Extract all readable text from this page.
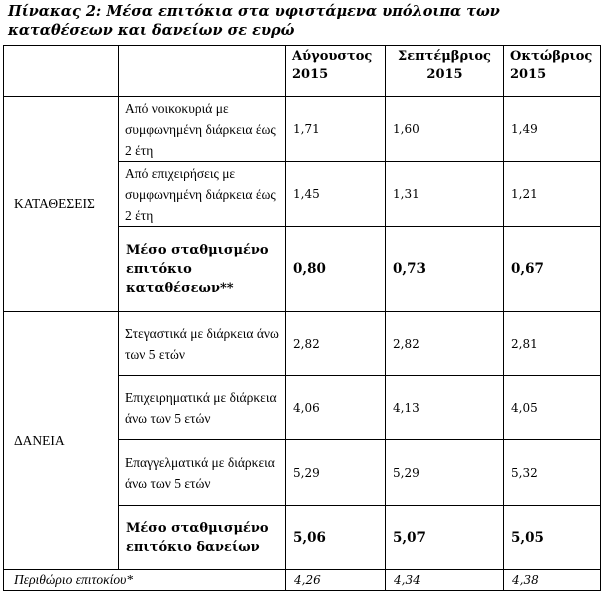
Πίνακας 2: Μέσα επιτόκια στα υφιστάμενα υπόλοιπα των καταθέσεων και δανείων σε ευρώ
		Αύγουστος 2015	Σεπτέμβριος 2015	Οκτώβριος 2015
ΚΑΤΑΘΕΣΕΙΣ	Από νοικοκυριά με συμφωνημένη διάρκεια έως 2 έτη	1,71	1,60	1,49
	Από επιχειρήσεις με συμφωνημένη διάρκεια έως 2 έτη	1,45	1,31	1,21
	Μέσο σταθμισμένο επιτόκιο καταθέσεων**	0,80	0,73	0,67
ΔΑΝΕΙΑ	Στεγαστικά με διάρκεια άνω των 5 ετών	2,82	2,82	2,81
	Επιχειρηματικά με διάρκεια άνω των 5 ετών	4,06	4,13	4,05
	Επαγγελματικά με διάρκεια άνω των 5 ετών	5,29	5,29	5,32
	Μέσο σταθμισμένο επιτόκιο δανείων	5,06	5,07	5,05
Περιθώριο επιτοκίου*		4,26	4,34	4,38
